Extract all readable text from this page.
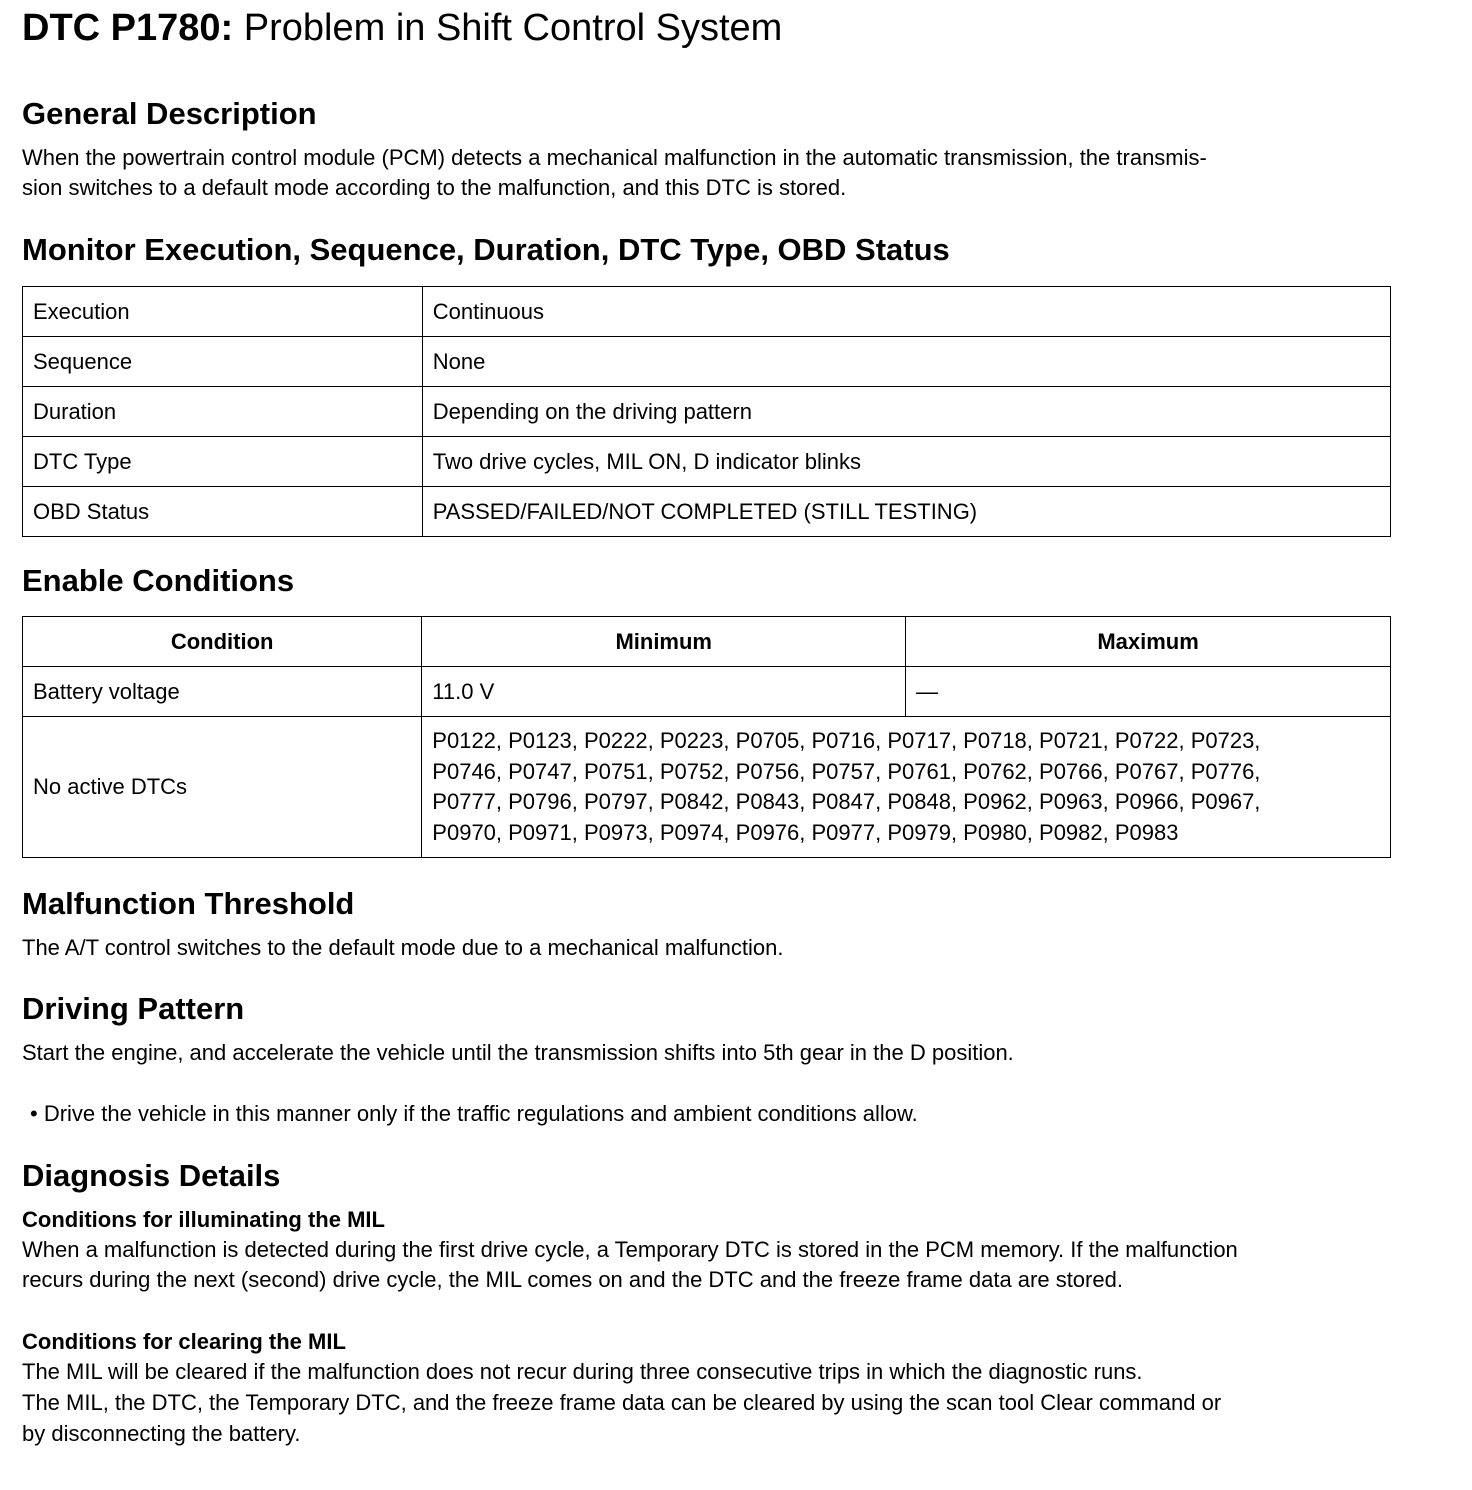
DTC P1780: Problem in Shift Control System
General Description

When the powertrain control module (PCM) detects a mechanical malfunction in the automatic transmission, the transmis-

sion switches to a default mode according to the malfunction, and this DTC is stored.

Monitor Execution, Sequence, Duration, DTC Type, OBD Status
Execution	Continuous
Sequence	None
Duration	Depending on the driving pattern
DTC Type	Two drive cycles, MIL ON, D indicator blinks
OBD Status	PASSED/FAILED/NOT COMPLETED (STILL TESTING)
Enable Conditions
Condition	Minimum	Maximum
Battery voltage	11.0 V	—
No active DTCs	P0122, P0123, P0222, P0223, P0705, P0716, P0717, P0718, P0721, P0722, P0723,
P0746, P0747, P0751, P0752, P0756, P0757, P0761, P0762, P0766, P0767, P0776,
P0777, P0796, P0797, P0842, P0843, P0847, P0848, P0962, P0963, P0966, P0967,
P0970, P0971, P0973, P0974, P0976, P0977, P0979, P0980, P0982, P0983	
Malfunction Threshold

The A/T control switches to the default mode due to a mechanical malfunction.

Driving Pattern

Start the engine, and accelerate the vehicle until the transmission shifts into 5th gear in the D position.

• Drive the vehicle in this manner only if the traffic regulations and ambient conditions allow.

Diagnosis Details
Conditions for illuminating the MIL

When a malfunction is detected during the first drive cycle, a Temporary DTC is stored in the PCM memory. If the malfunction

recurs during the next (second) drive cycle, the MIL comes on and the DTC and the freeze frame data are stored.

Conditions for clearing the MIL

The MIL will be cleared if the malfunction does not recur during three consecutive trips in which the diagnostic runs.

The MIL, the DTC, the Temporary DTC, and the freeze frame data can be cleared by using the scan tool Clear command or

by disconnecting the battery.
